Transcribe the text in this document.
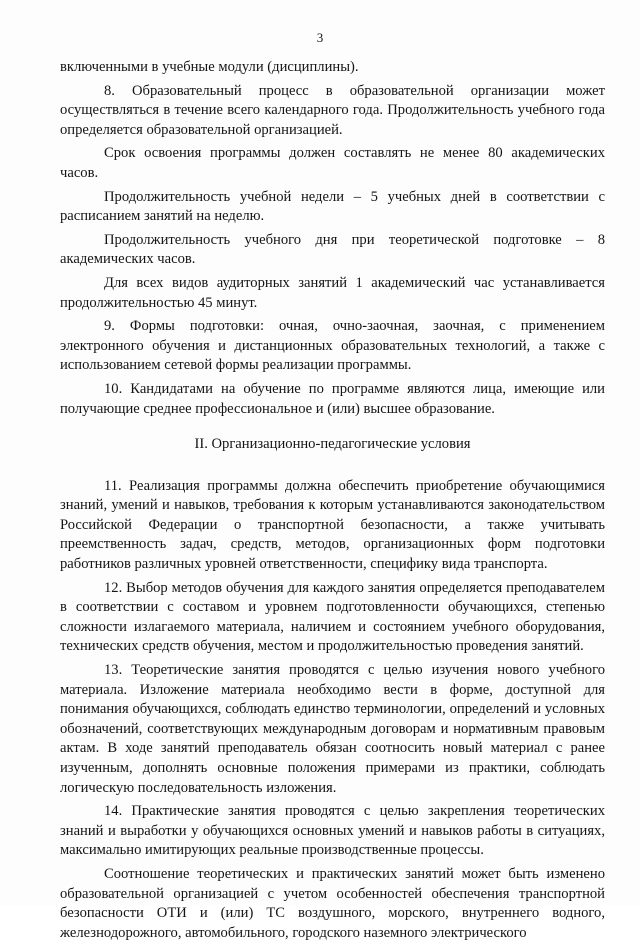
3

включенными в учебные модули (дисциплины).

8. Образовательный процесс в образовательной организации может осуществляться в течение всего календарного года. Продолжительность учебного года определяется образовательной организацией.

Срок освоения программы должен составлять не менее 80 академических часов.

Продолжительность учебной недели – 5 учебных дней в соответствии с расписанием занятий на неделю.

Продолжительность учебного дня при теоретической подготовке – 8 академических часов.

Для всех видов аудиторных занятий 1 академический час устанавливается продолжительностью 45 минут.

9. Формы подготовки: очная, очно-заочная, заочная, с применением электронного обучения и дистанционных образовательных технологий, а также с использованием сетевой формы реализации программы.

10. Кандидатами на обучение по программе являются лица, имеющие или получающие среднее профессиональное и (или) высшее образование.

II. Организационно-педагогические условия

11. Реализация программы должна обеспечить приобретение обучающимися знаний, умений и навыков, требования к которым устанавливаются законодательством Российской Федерации о транспортной безопасности, а также учитывать преемственность задач, средств, методов, организационных форм подготовки работников различных уровней ответственности, специфику вида транспорта.

12. Выбор методов обучения для каждого занятия определяется преподавателем в соответствии с составом и уровнем подготовленности обучающихся, степенью сложности излагаемого материала, наличием и состоянием учебного оборудования, технических средств обучения, местом и продолжительностью проведения занятий.

13. Теоретические занятия проводятся с целью изучения нового учебного материала. Изложение материала необходимо вести в форме, доступной для понимания обучающихся, соблюдать единство терминологии, определений и условных обозначений, соответствующих международным договорам и нормативным правовым актам. В ходе занятий преподаватель обязан соотносить новый материал с ранее изученным, дополнять основные положения примерами из практики, соблюдать логическую последовательность изложения.

14. Практические занятия проводятся с целью закрепления теоретических знаний и выработки у обучающихся основных умений и навыков работы в ситуациях, максимально имитирующих реальные производственные процессы.

Соотношение теоретических и практических занятий может быть изменено образовательной организацией с учетом особенностей обеспечения транспортной безопасности ОТИ и (или) ТС воздушного, морского, внутреннего водного, железнодорожного, автомобильного, городского наземного электрического
